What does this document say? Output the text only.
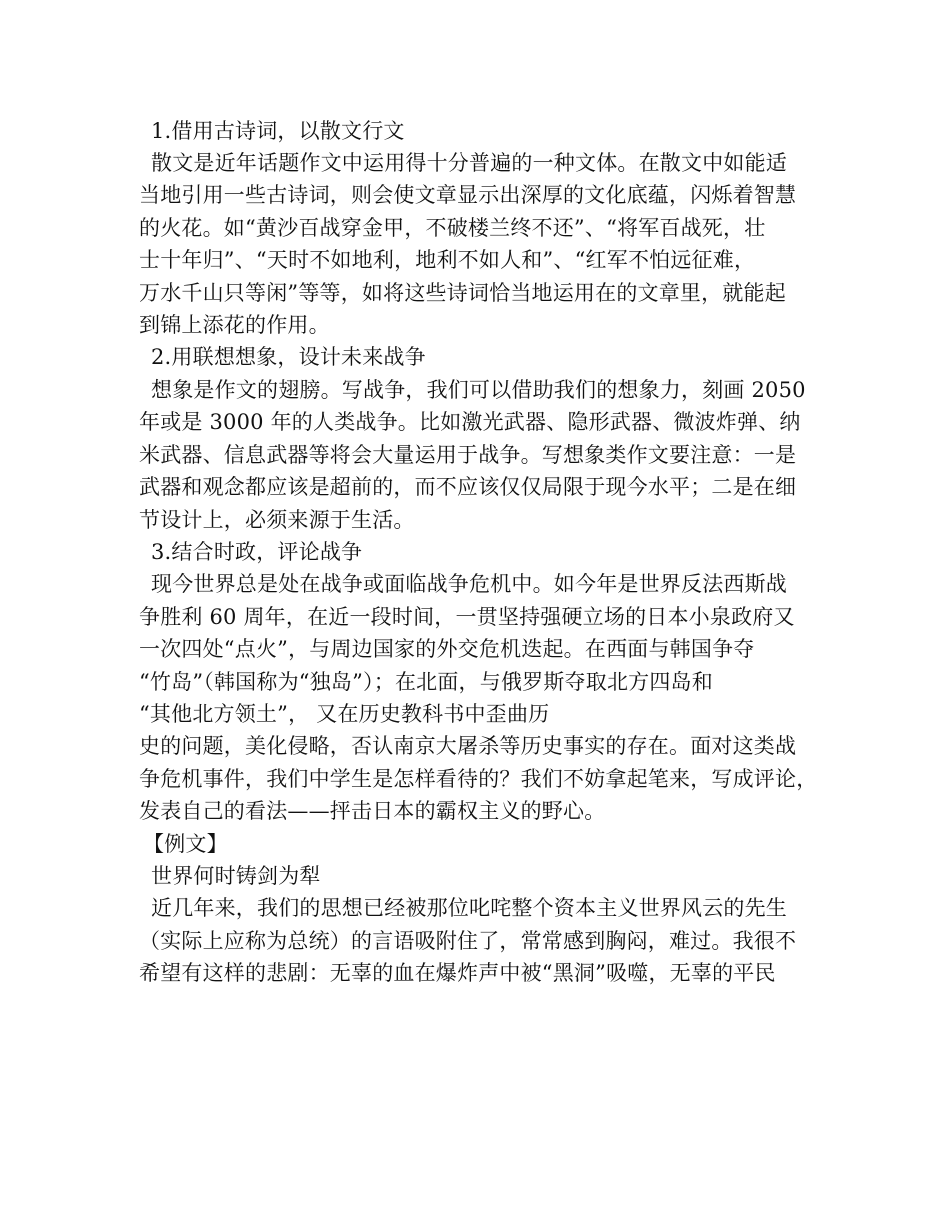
1.借用古诗词，以散文行文
散文是近年话题作文中运用得十分普遍的一种文体。在散文中如能适
当地引用一些古诗词，则会使文章显示出深厚的文化底蕴，闪烁着智慧
的火花。如“黄沙百战穿金甲，不破楼兰终不还”、“将军百战死，壮
士十年归”、“天时不如地利，地利不如人和”、“红军不怕远征难，
万水千山只等闲”等等，如将这些诗词恰当地运用在的文章里，就能起
到锦上添花的作用。
2.用联想想象，设计未来战争
想象是作文的翅膀。写战争，我们可以借助我们的想象力，刻画 2050
年或是 3000 年的人类战争。比如激光武器、隐形武器、微波炸弹、纳
米武器、信息武器等将会大量运用于战争。写想象类作文要注意：一是
武器和观念都应该是超前的，而不应该仅仅局限于现今水平；二是在细
节设计上，必须来源于生活。
3.结合时政，评论战争
现今世界总是处在战争或面临战争危机中。如今年是世界反法西斯战
争胜利 60 周年，在近一段时间，一贯坚持强硬立场的日本小泉政府又
一次四处“点火”，与周边国家的外交危机迭起。在西面与韩国争夺
“竹岛”（韩国称为“独岛”）；在北面，与俄罗斯夺取北方四岛和
“其他北方领土”， 又在历史教科书中歪曲历
史的问题，美化侵略，否认南京大屠杀等历史事实的存在。面对这类战
争危机事件，我们中学生是怎样看待的？我们不妨拿起笔来，写成评论，
发表自己的看法——抨击日本的霸权主义的野心。
【例文】
世界何时铸剑为犁
近几年来，我们的思想已经被那位叱咤整个资本主义世界风云的先生
（实际上应称为总统）的言语吸附住了，常常感到胸闷，难过。我很不
希望有这样的悲剧：无辜的血在爆炸声中被“黑洞”吸噬，无辜的平民
